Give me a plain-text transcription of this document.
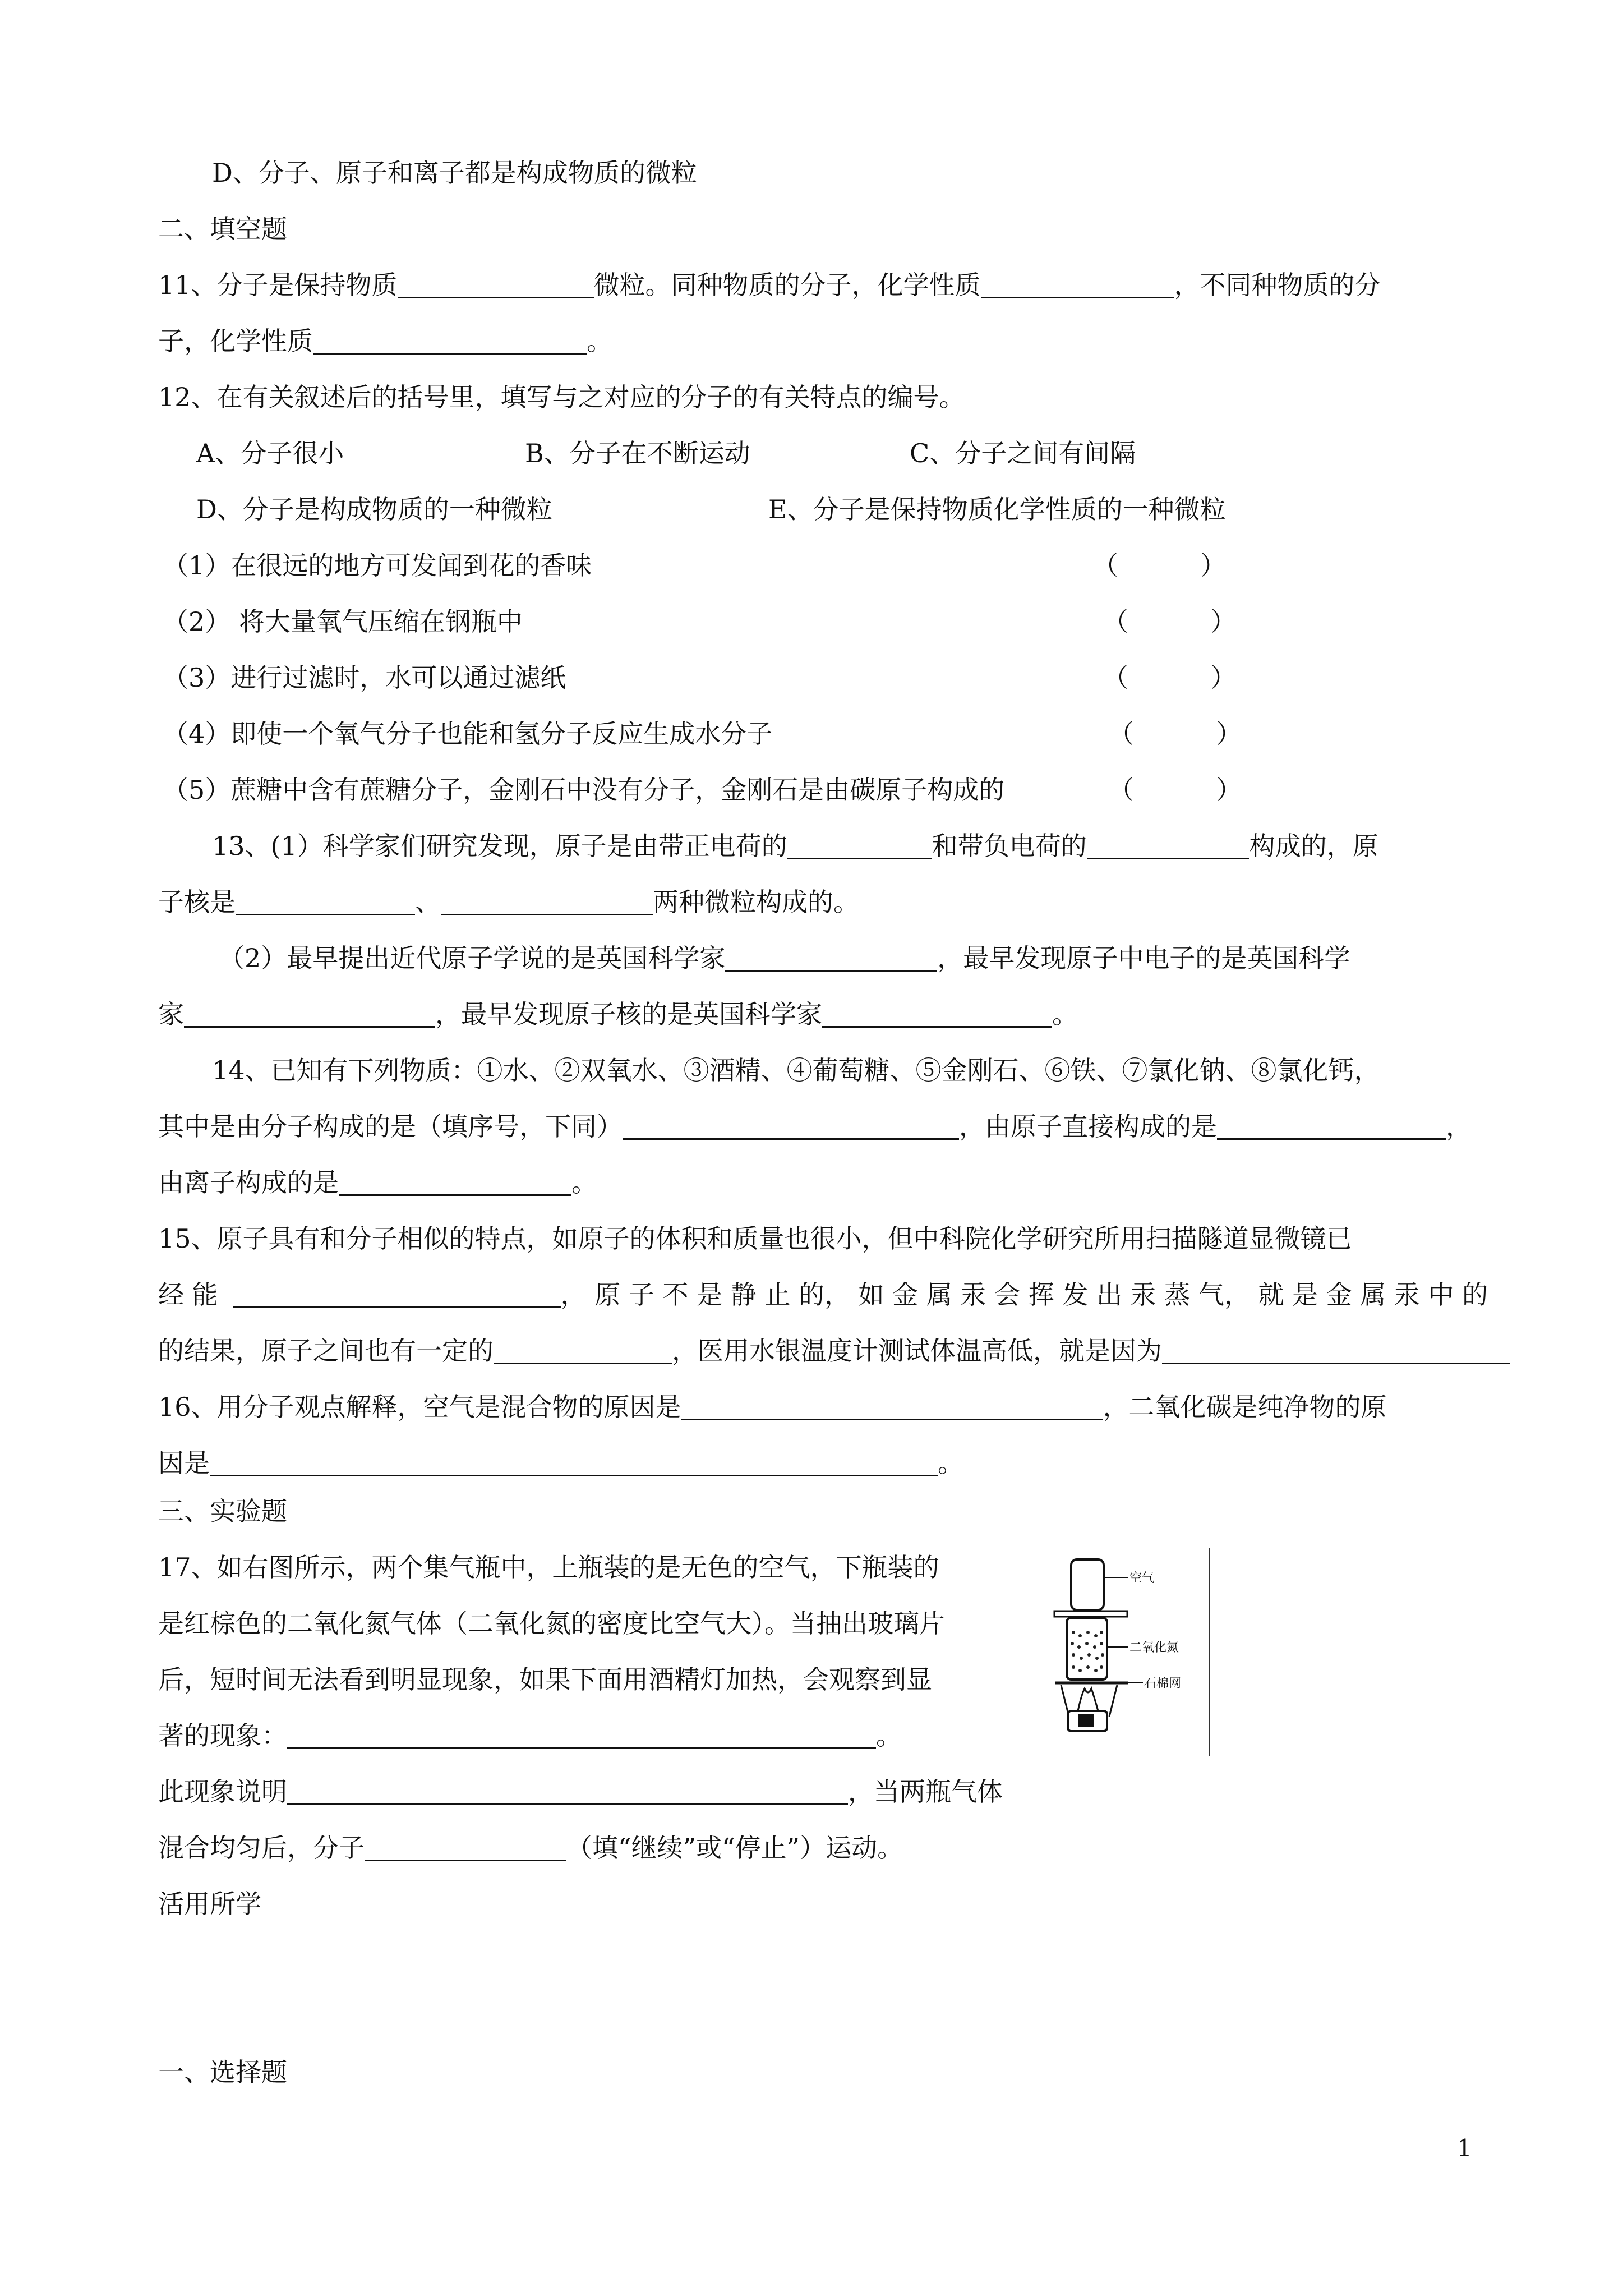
D、分子、原子和离子都是构成物质的微粒
二、填空题
11、分子是保持物质	微粒。同种物质的分子，化学性质	，不同种物质的分
子，化学性质	。
12、在有关叙述后的括号里，填写与之对应的分子的有关特点的编号。
A、分子很小	B、分子在不断运动	C、分子之间有间隔
D、分子是构成物质的一种微粒	E、分子是保持物质化学性质的一种微粒
（1）在很远的地方可发闻到花的香味	（          ）
（2） 将大量氧气压缩在钢瓶中	（          ）
（3）进行过滤时，水可以通过滤纸	（          ）
（4）即使一个氧气分子也能和氢分子反应生成水分子	（          ）
（5）蔗糖中含有蔗糖分子，金刚石中没有分子，金刚石是由碳原子构成的	（          ）
13、(1）科学家们研究发现，原子是由带正电荷的	和带负电荷的	构成的，原
子核是	、	两种微粒构成的。
（2）最早提出近代原子学说的是英国科学家	，最早发现原子中电子的是英国科学
家	，最早发现原子核的是英国科学家	。
14、已知有下列物质：①水、②双氧水、③酒精、④葡萄糖、⑤金刚石、⑥铁、⑦氯化钠、⑧氯化钙，
其中是由分子构成的是（填序号，下同）	，由原子直接构成的是	，
由离子构成的是	。
15、原子具有和分子相似的特点，如原子的体积和质量也很小，但中科院化学研究所用扫描隧道显微镜已
经 能	， 原 子 不 是 静 止 的， 如 金 属 汞 会 挥 发 出 汞 蒸 气， 就 是 金 属 汞 中 的
的结果，原子之间也有一定的	，医用水银温度计测试体温高低，就是因为
16、用分子观点解释，空气是混合物的原因是	，二氧化碳是纯净物的原
因是	。
三、实验题
17、如右图所示，两个集气瓶中，上瓶装的是无色的空气，下瓶装的
是红棕色的二氧化氮气体（二氧化氮的密度比空气大）。当抽出玻璃片
后，短时间无法看到明显现象，如果下面用酒精灯加热，会观察到显
著的现象：	。
此现象说明	，当两瓶气体
混合均匀后，分子	（填“继续”或“停止”）运动。
空气
二氧化氮
石棉网
活用所学
一、选择题
1
